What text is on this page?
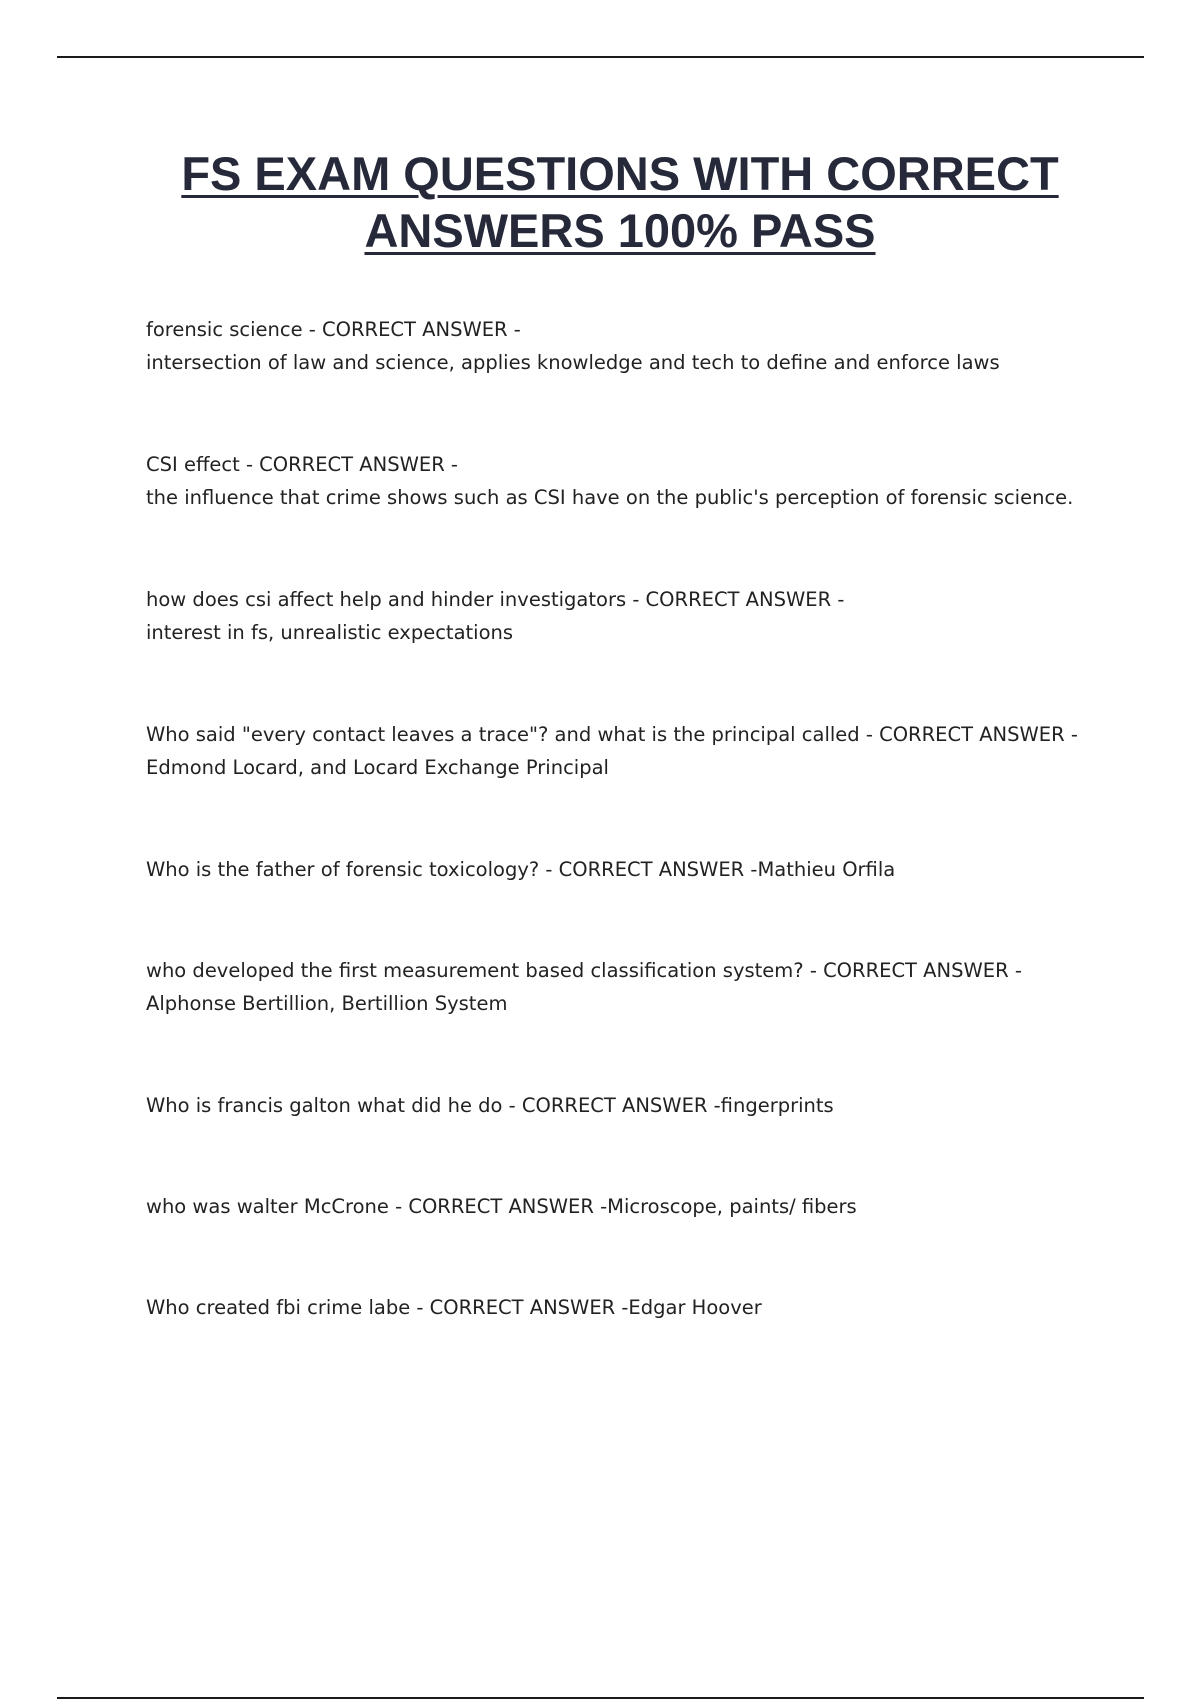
FS EXAM QUESTIONS WITH CORRECT ANSWERS 100% PASS
forensic science - CORRECT ANSWER -
intersection of law and science, applies knowledge and tech to define and enforce laws
CSI effect - CORRECT ANSWER -
the influence that crime shows such as CSI have on the public's perception of forensic science.
how does csi affect help and hinder investigators - CORRECT ANSWER -
interest in fs, unrealistic expectations
Who said "every contact leaves a trace"? and what is the principal called - CORRECT ANSWER -
Edmond Locard, and Locard Exchange Principal
Who is the father of forensic toxicology? - CORRECT ANSWER -Mathieu Orfila
who developed the first measurement based classification system? - CORRECT ANSWER -
Alphonse Bertillion, Bertillion System
Who is francis galton what did he do - CORRECT ANSWER -fingerprints
who was walter McCrone - CORRECT ANSWER -Microscope, paints/ fibers
Who created fbi crime labe - CORRECT ANSWER -Edgar Hoover
